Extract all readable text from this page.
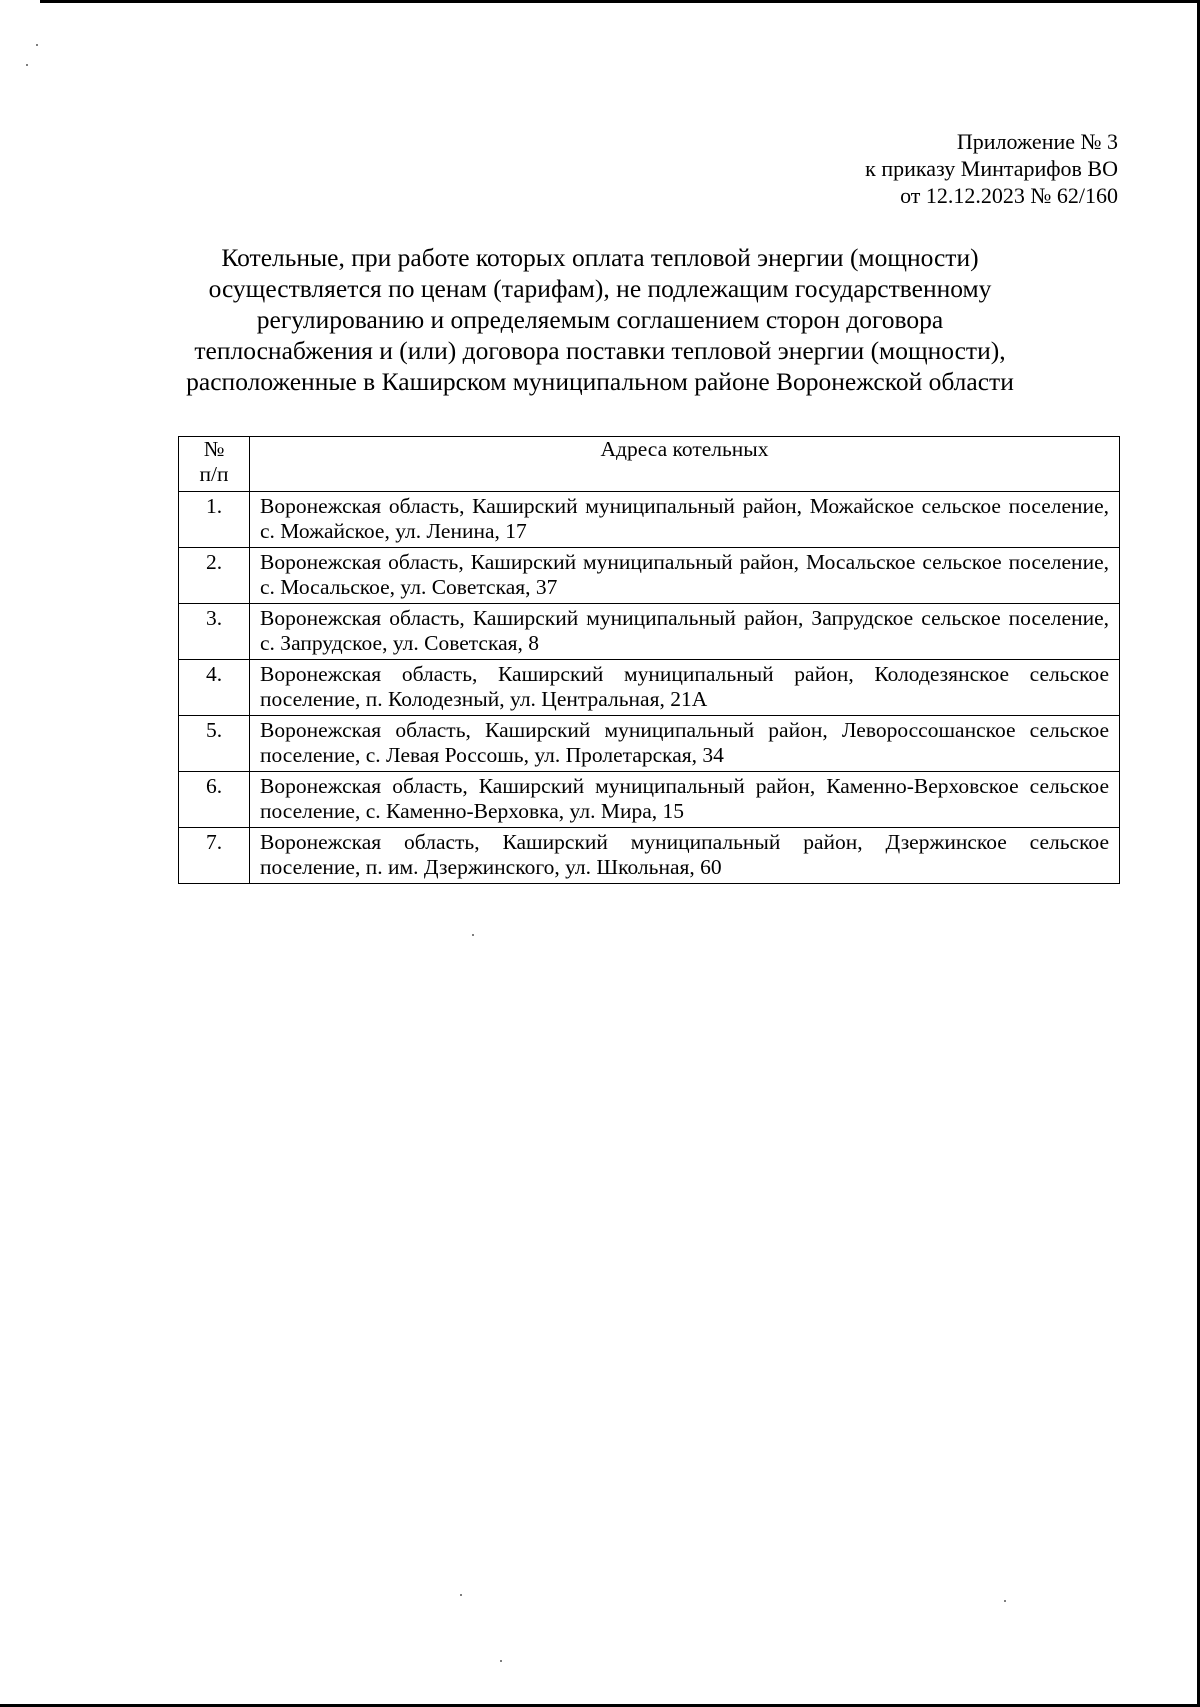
Приложение № 3
к приказу Минтарифов ВО
от 12.12.2023 № 62/160
Котельные, при работе которых оплата тепловой энергии (мощности)
осуществляется по ценам (тарифам), не подлежащим государственному
регулированию и определяемым соглашением сторон договора
теплоснабжения и (или) договора поставки тепловой энергии (мощности),
расположенные в Каширском муниципальном районе Воронежской области
№
п/п	Адреса котельных
1.	Воронежская область, Каширский муниципальный район, Можайское сельское поселение, с. Можайское, ул. Ленина, 17
2.	Воронежская область, Каширский муниципальный район, Мосальское сельское поселение, с. Мосальское, ул. Советская, 37
3.	Воронежская область, Каширский муниципальный район, Запрудское сельское поселение, с. Запрудское, ул. Советская, 8
4.	Воронежская область, Каширский муниципальный район, Колодезянское сельское поселение, п. Колодезный, ул. Центральная, 21А
5.	Воронежская область, Каширский муниципальный район, Левороссошанское сельское поселение, с. Левая Россошь, ул. Пролетарская, 34
6.	Воронежская область, Каширский муниципальный район, Каменно-Верховское сельское поселение, с. Каменно-Верховка, ул. Мира, 15
7.	Воронежская область, Каширский муниципальный район, Дзержинское сельское поселение, п. им. Дзержинского, ул. Школьная, 60
